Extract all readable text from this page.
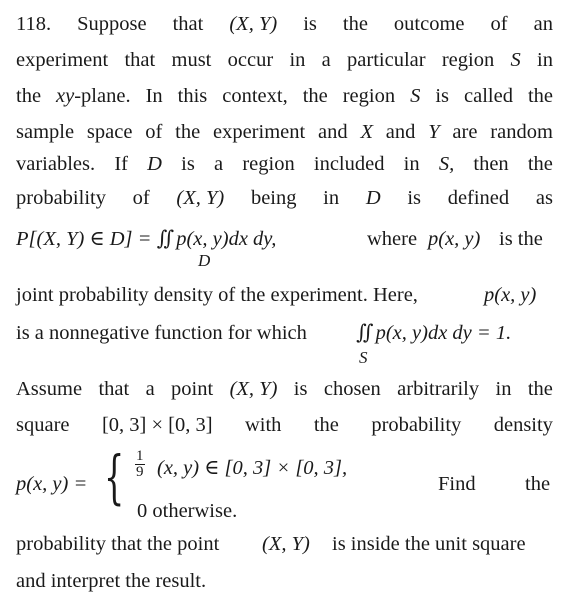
118. Suppose that (X, Y) is the outcome of an
experiment that must occur in a particular region S in
the xy-plane. In this context, the region S is called the
sample space of the experiment and X and Y are random
variables. If D is a region included in S, then the
probability of (X, Y) being in D is defined as
P[(X, Y) ∈ D] = ∬ p(x, y)dx dy,	where p(x, y) is the
D
joint probability density of the experiment. Here,	p(x, y)
is a nonnegative function for which ∬ p(x, y)dx dy = 1.
S
Assume that a point (X, Y) is chosen arbitrarily in the
square [0, 3] × [0, 3] with the probability density
p(x, y) = { $\frac{1}{9} (x$, y) ∈ [0, 3] × [0, 3],
0 otherwise.
Find the
probability that the point (X, Y) is inside the unit square
and interpret the result.
